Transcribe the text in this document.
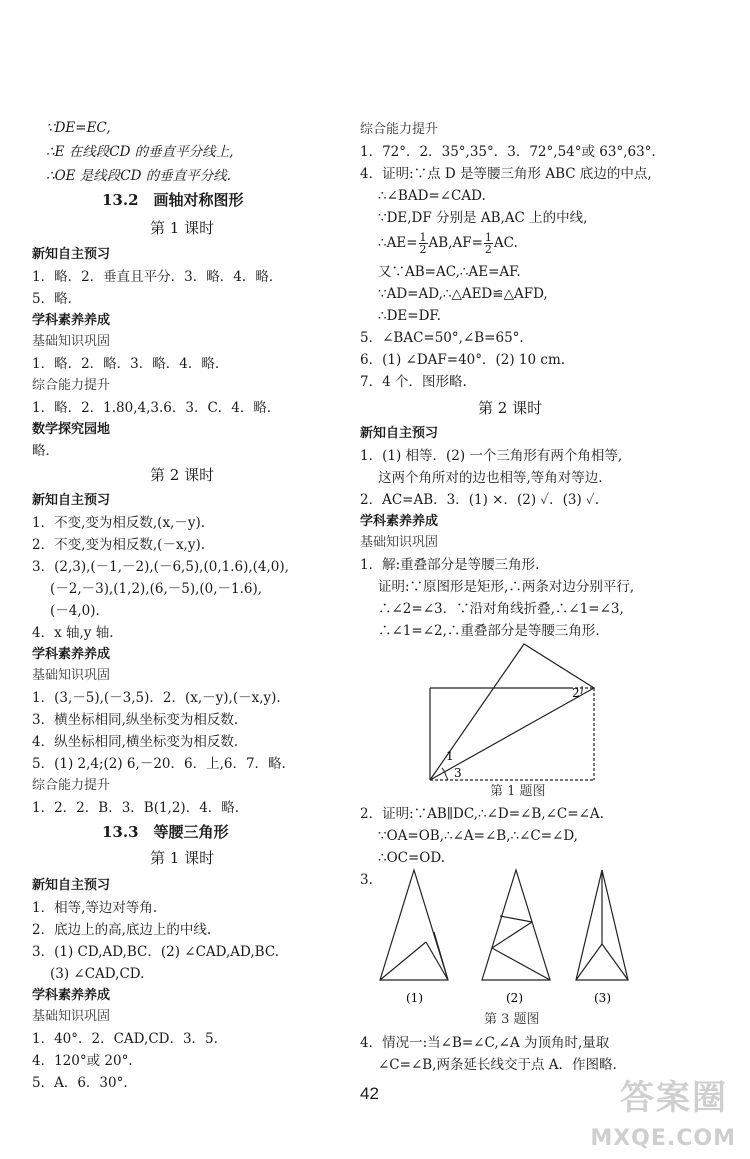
∵DE=EC,
∴E 在线段CD 的垂直平分线上,
∴OE 是线段CD 的垂直平分线.
13.2　画轴对称图形
第 1 课时
新知自主预习
1．略．2．垂直且平分．3．略．4．略．
5．略．
学科素养养成
基础知识巩固
1．略．2．略．3．略．4．略．
综合能力提升
1．略．2．1.80,4,3.6．3．C．4．略．
数学探究园地
略．
第 2 课时
新知自主预习
1．不变,变为相反数,(x,－y).
2．不变,变为相反数,(－x,y).
3．(2,3),(－1,－2),(－6,5),(0,1.6),(4,0),
(－2,－3),(1,2),(6,－5),(0,－1.6),
(－4,0).
4．x 轴,y 轴.
学科素养养成
基础知识巩固
1．(3,－5),(－3,5)．2．(x,－y),(－x,y).
3．横坐标相同,纵坐标变为相反数.
4．纵坐标相同,横坐标变为相反数.
5．(1) 2,4;(2) 6,－20．6．上,6．7．略.
综合能力提升
1．2．2．B．3．B(1,2)．4．略.
13.3　等腰三角形
第 1 课时
新知自主预习
1．相等,等边对等角.
2．底边上的高,底边上的中线.
3．(1) CD,AD,BC．(2) ∠CAD,AD,BC.
(3) ∠CAD,CD.
学科素养养成
基础知识巩固
1．40°．2．CAD,CD．3．5.
4．120°或 20°.
5．A．6．30°.
综合能力提升
1．72°．2．35°,35°．3．72°,54°或 63°,63°.
4．证明:∵点 D 是等腰三角形 ABC 底边的中点,
∴∠BAD=∠CAD.
∵DE,DF 分别是 AB,AC 上的中线,
∴AE= $\frac{1}{2} AB,AF= \frac{1}{2}$ AC.
又∵AB=AC,∴AE=AF.
∵AD=AD,∴△AED≌△AFD,
∴DE=DF.
5．∠BAC=50°,∠B=65°.
6．(1) ∠DAF=40°．(2) 10 cm.
7．4 个．图形略.
第 2 课时
新知自主预习
1．(1) 相等．(2) 一个三角形有两个角相等,
这两个角所对的边也相等,等角对等边.
2．AC=AB．3．(1) ×．(2) ✓．(3) ✓.
学科素养养成
基础知识巩固
1．解:重叠部分是等腰三角形.
证明:∵原图形是矩形,∴两条对边分别平行,
∴∠2=∠3．∵沿对角线折叠,∴∠1=∠3,
∴∠1=∠2,∴重叠部分是等腰三角形.
2
1
3
第 1 题图
2．证明:∵AB∥DC,∴∠D=∠B,∠C=∠A.
∵OA=OB,∴∠A=∠B,∴∠C=∠D,
∴OC=OD.
3.
(1)	(2)	(3)
第 3 题图
4．情况一:当∠B=∠C,∠A 为顶角时,量取
∠C=∠B,两条延长线交于点 A．作图略.
42	答案圈
MXQE.COM
